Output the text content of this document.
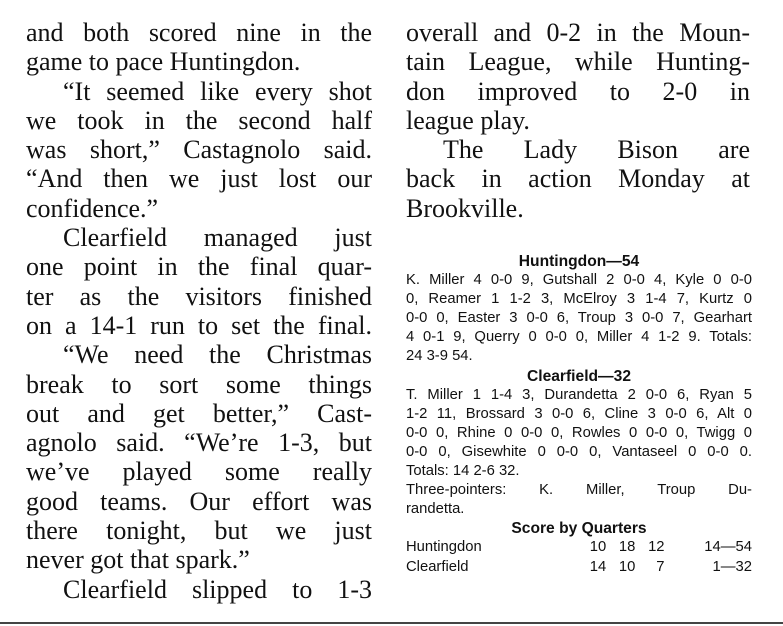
and both scored nine in the
game to pace Huntingdon.
“It seemed like every shot
we took in the second half
was short,” Castagnolo said.
“And then we just lost our
confidence.”
Clearfield managed just
one point in the final quar-
ter as the visitors finished
on a 14-1 run to set the final.
“We need the Christmas
break to sort some things
out and get better,” Cast-
agnolo said. “We’re 1-3, but
we’ve played some really
good teams. Our effort was
there tonight, but we just
never got that spark.”
Clearfield slipped to 1-3
overall and 0-2 in the Moun-
tain League, while Hunting-
don improved to 2-0 in
league play.
The Lady Bison are
back in action Monday at
Brookville.
Huntingdon—54
K. Miller 4 0-0 9, Gutshall 2 0-0 4, Kyle 0 0-0
0, Reamer 1 1-2 3, McElroy 3 1-4 7, Kurtz 0
0-0 0, Easter 3 0-0 6, Troup 3 0-0 7, Gearhart
4 0-1 9, Querry 0 0-0 0, Miller 4 1-2 9. Totals:
24 3-9 54.
Clearfield—32
T. Miller 1 1-4 3, Durandetta 2 0-0 6, Ryan 5
1-2 11, Brossard 3 0-0 6, Cline 3 0-0 6, Alt 0
0-0 0, Rhine 0 0-0 0, Rowles 0 0-0 0, Twigg 0
0-0 0, Gisewhite 0 0-0 0, Vantaseel 0 0-0 0.
Totals: 14 2-6 32.
Three-pointers: K. Miller, Troup Du-
randetta.
Score by Quarters
Huntingdon	10 18 12	14—54
Clearfield	14 10	7	1—32
